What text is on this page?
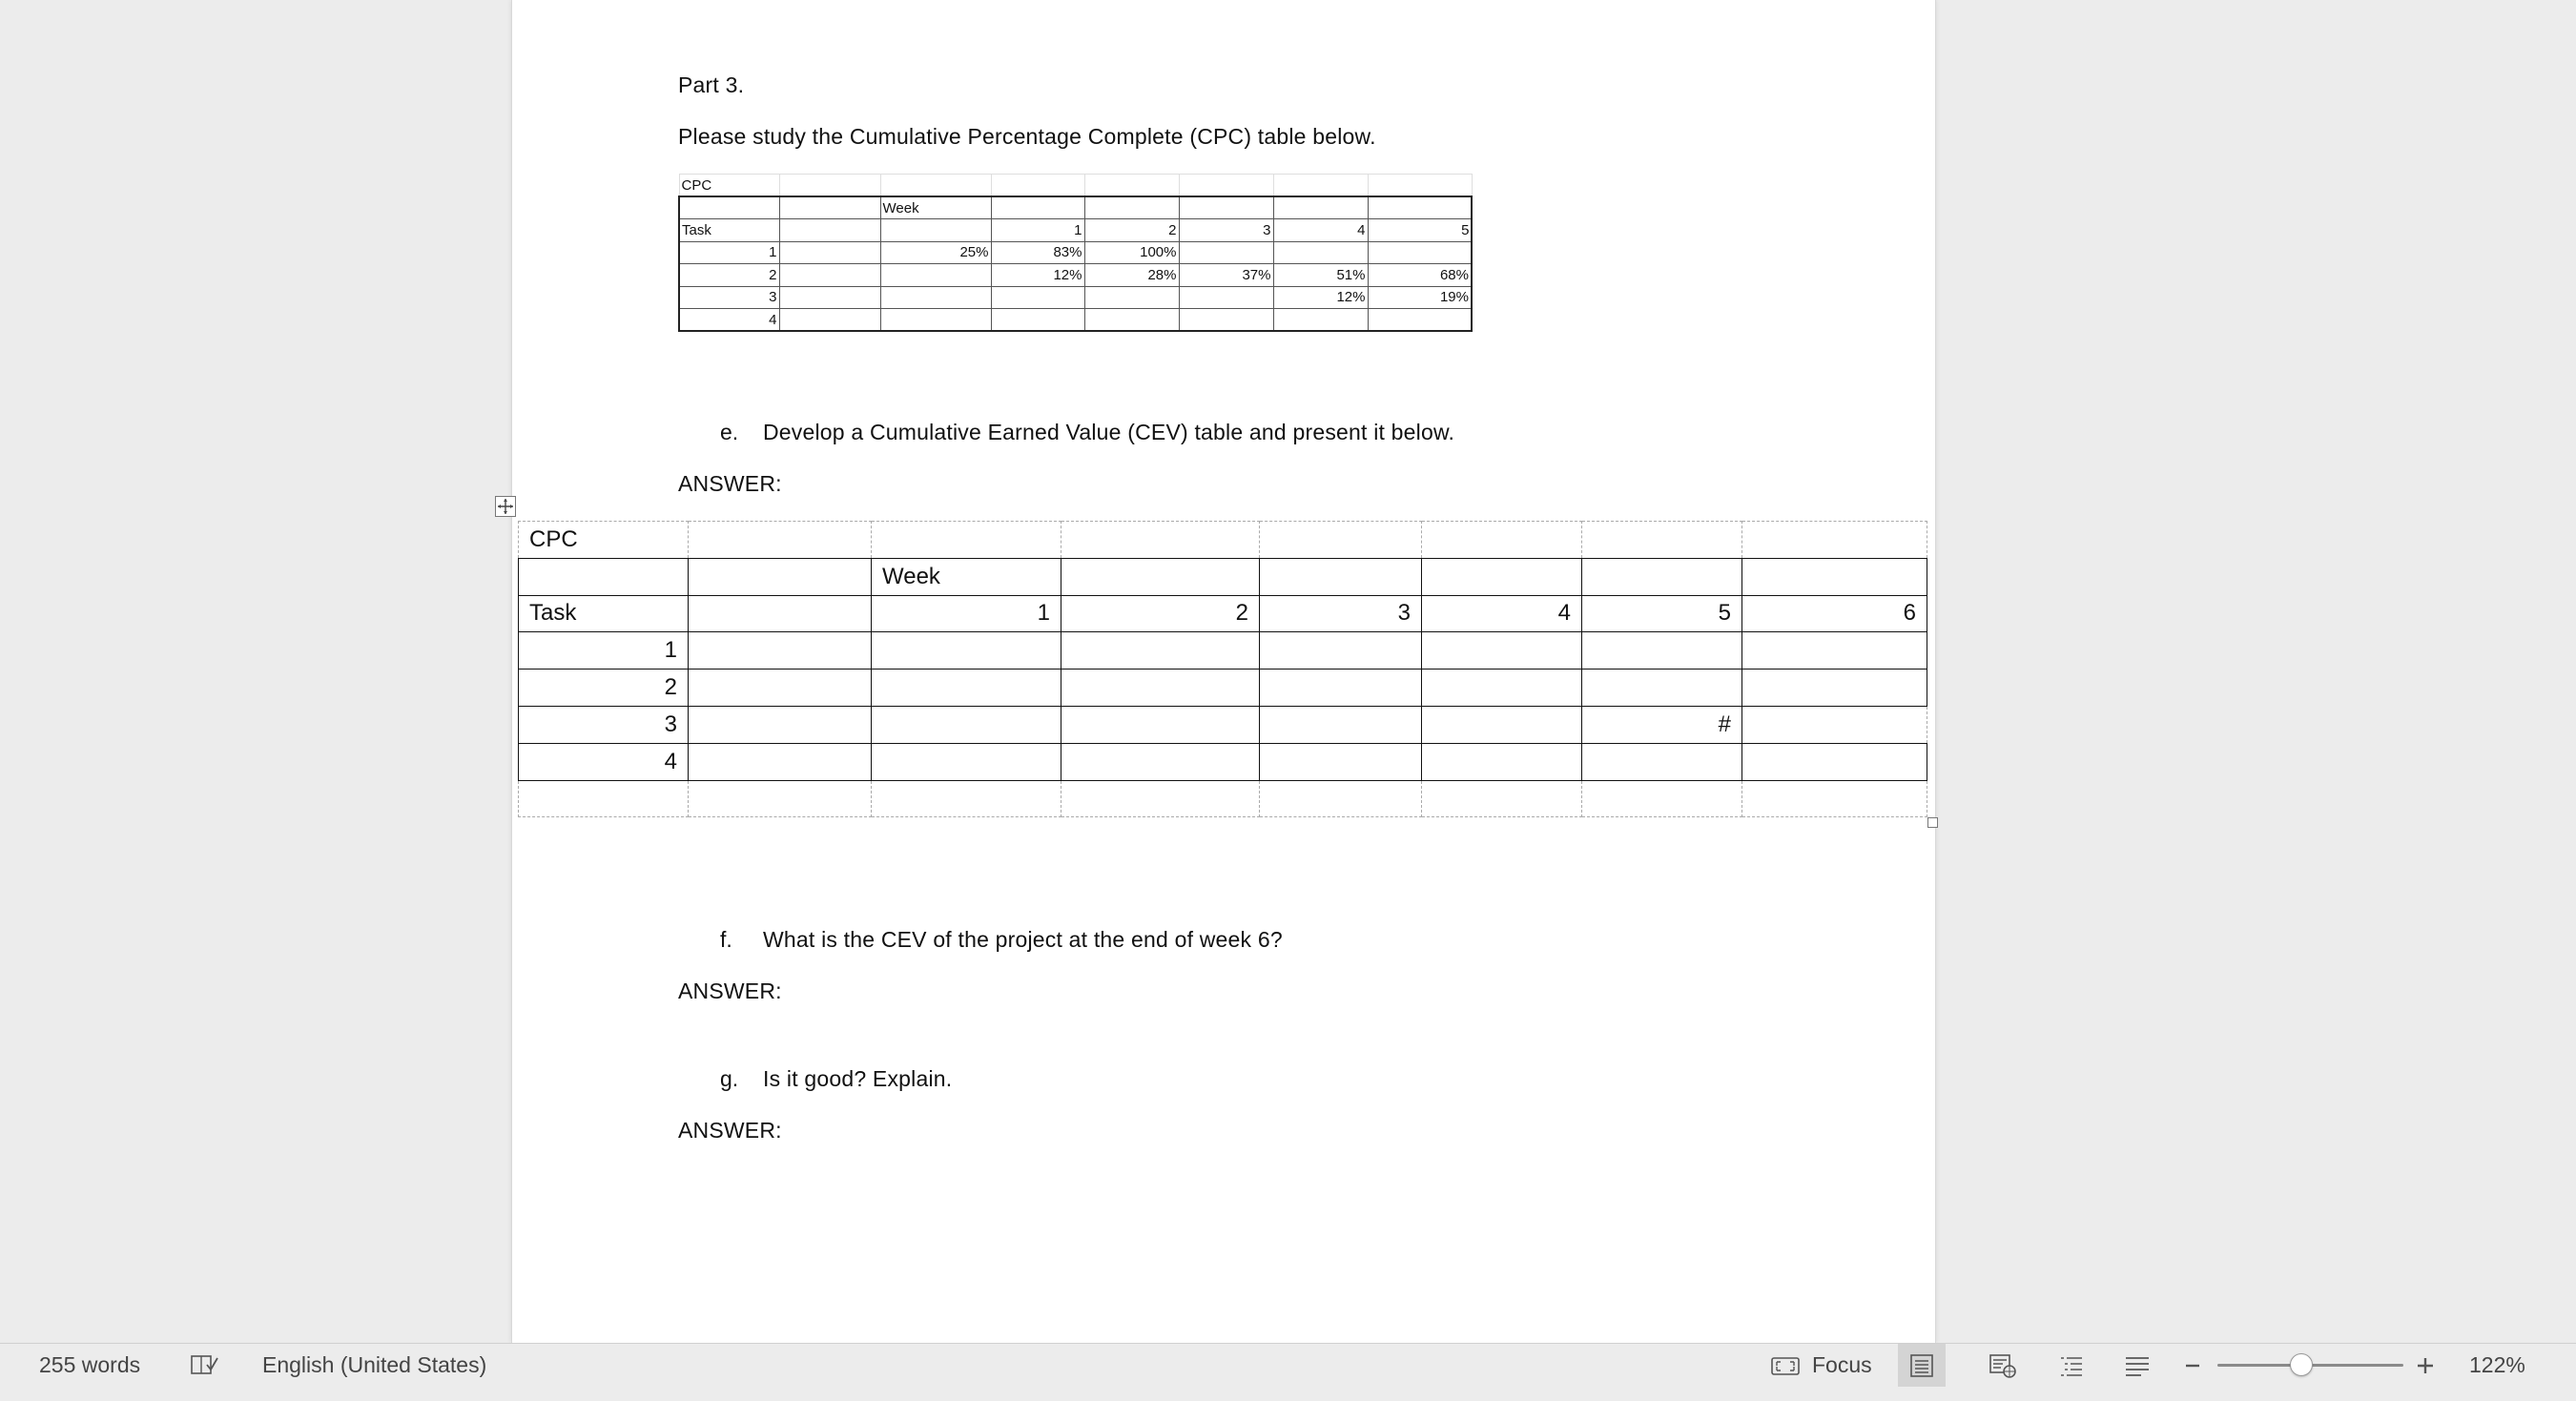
Part 3.
Please study the Cumulative Percentage Complete (CPC) table below.
CPC								
		Week						
Task			1	2	3	4	5	
1		25%	83%	100%				
2			12%	28%	37%	51%	68%	
3						12%	19%	
4								
e. Develop a Cumulative Earned Value (CEV) table and present it below.
ANSWER:
CPC							
		Week					
Task		1	2	3	4	5	6
1							
2							
3						#	
4							

f. What is the CEV of the project at the end of week 6?
ANSWER:
g. Is it good? Explain.
ANSWER:
255 words	English (United States)	Focus	122%
